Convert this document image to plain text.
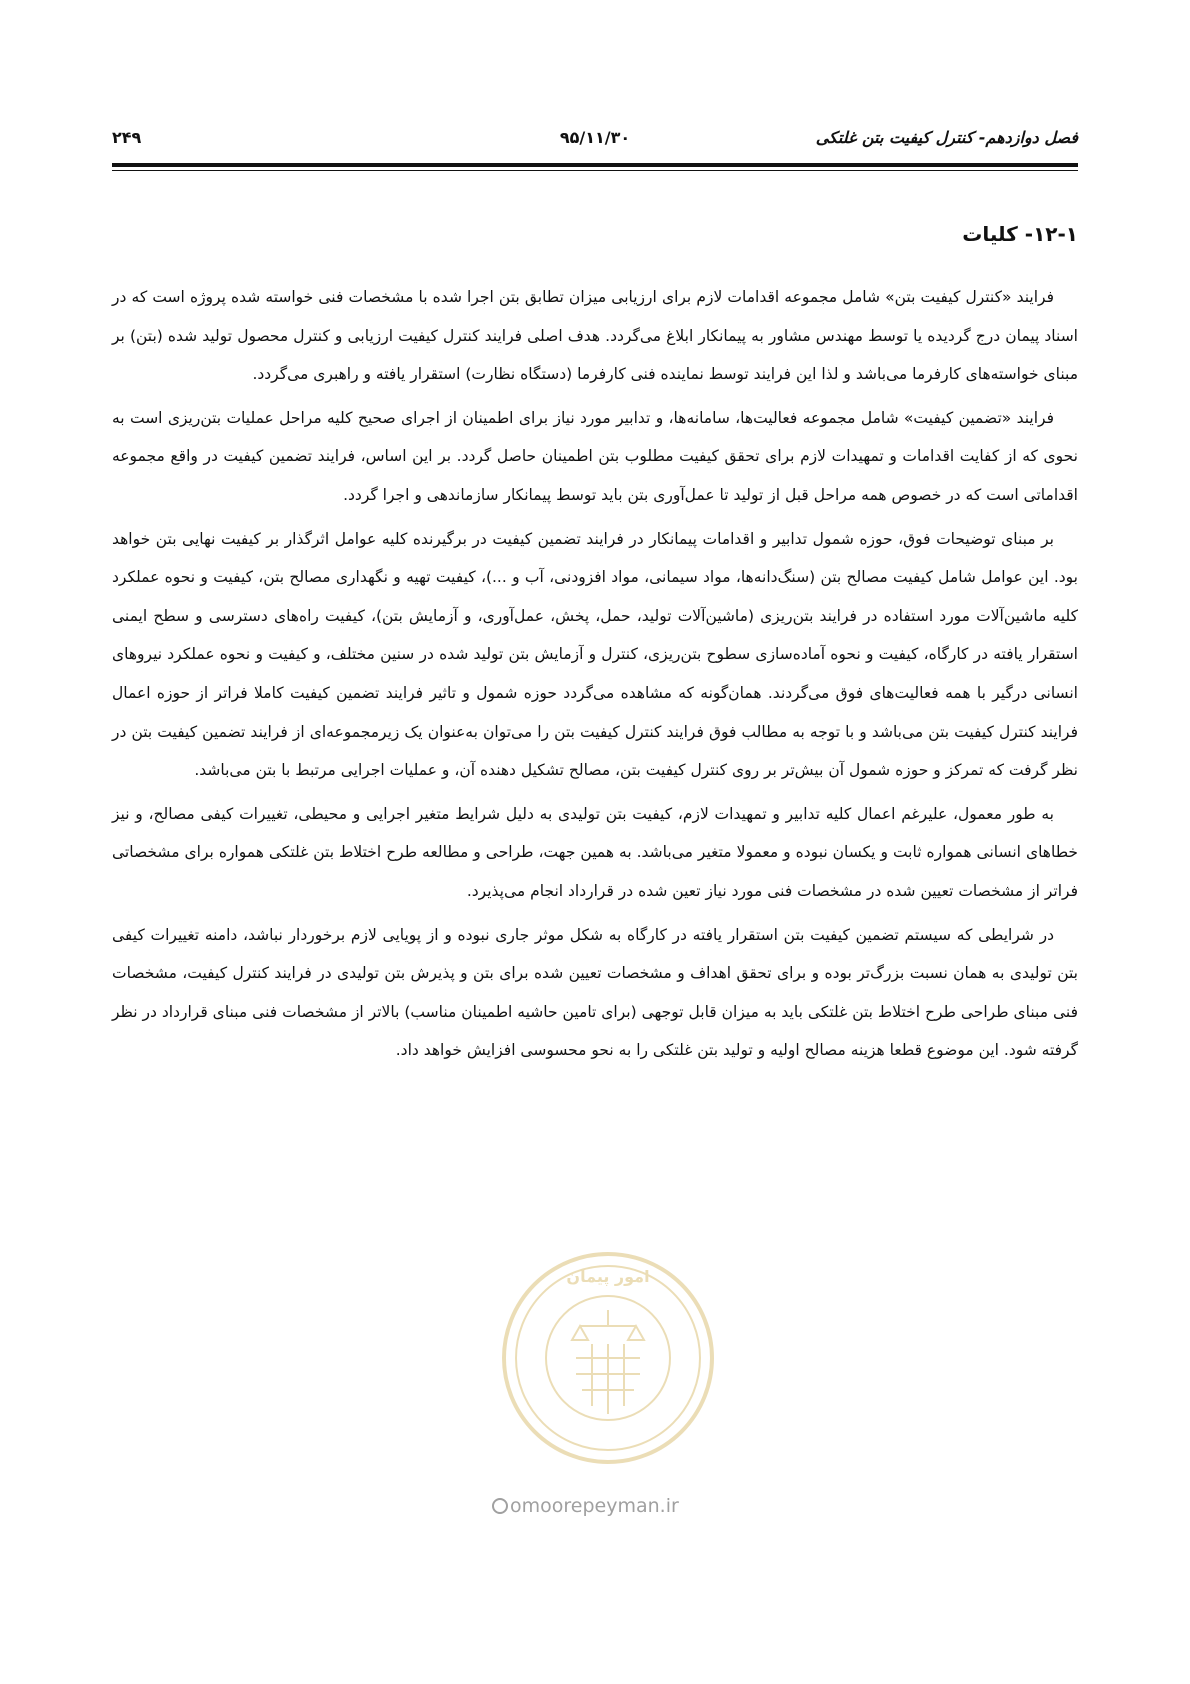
فصل دوازدهم- کنترل کیفیت بتن غلتکی
۹۵/۱۱/۳۰
۲۴۹
۱۲-۱- کلیات

فرایند «کنترل کیفیت بتن» شامل مجموعه اقدامات لازم برای ارزیابی میزان تطابق بتن اجرا شده با مشخصات فنی خواسته شده پروژه است که در اسناد پیمان درج گردیده یا توسط مهندس مشاور به پیمانکار ابلاغ می‌گردد. هدف اصلی فرایند کنترل کیفیت ارزیابی و کنترل محصول تولید شده (بتن) بر مبنای خواسته‌های کارفرما می‌باشد و لذا این فرایند توسط نماینده فنی کارفرما (دستگاه نظارت) استقرار یافته و راهبری می‌گردد.

فرایند «تضمین کیفیت» شامل مجموعه فعالیت‌ها، سامانه‌ها، و تدابیر مورد نیاز برای اطمینان از اجرای صحیح کلیه مراحل عملیات بتن‌ریزی است به نحوی که از کفایت اقدامات و تمهیدات لازم برای تحقق کیفیت مطلوب بتن اطمینان حاصل گردد. بر این اساس، فرایند تضمین کیفیت در واقع مجموعه اقداماتی است که در خصوص همه مراحل قبل از تولید تا عمل‌آوری بتن باید توسط پیمانکار سازماندهی و اجرا گردد.

بر مبنای توضیحات فوق، حوزه شمول تدابیر و اقدامات پیمانکار در فرایند تضمین کیفیت در برگیرنده کلیه عوامل اثرگذار بر کیفیت نهایی بتن خواهد بود. این عوامل شامل کیفیت مصالح بتن (سنگ‌دانه‌ها، مواد سیمانی، مواد افزودنی، آب و ...)، کیفیت تهیه و نگهداری مصالح بتن، کیفیت و نحوه عملکرد کلیه ماشین‌آلات مورد استفاده در فرایند بتن‌ریزی (ماشین‌آلات تولید، حمل، پخش، عمل‌آوری، و آزمایش بتن)، کیفیت راه‌های دسترسی و سطح ایمنی استقرار یافته در کارگاه، کیفیت و نحوه آماده‌سازی سطوح بتن‌ریزی، کنترل و آزمایش بتن تولید شده در سنین مختلف، و کیفیت و نحوه عملکرد نیروهای انسانی درگیر با همه فعالیت‌های فوق می‌گردند. همان‌گونه که مشاهده می‌گردد حوزه شمول و تاثیر فرایند تضمین کیفیت کاملا فراتر از حوزه اعمال فرایند کنترل کیفیت بتن می‌باشد و با توجه به مطالب فوق فرایند کنترل کیفیت بتن را می‌توان به‌عنوان یک زیرمجموعه‌ای از فرایند تضمین کیفیت بتن در نظر گرفت که تمرکز و حوزه شمول آن بیش‌تر بر روی کنترل کیفیت بتن، مصالح تشکیل دهنده آن، و عملیات اجرایی مرتبط با بتن می‌باشد.

به طور معمول، علیرغم اعمال کلیه تدابیر و تمهیدات لازم، کیفیت بتن تولیدی به دلیل شرایط متغیر اجرایی و محیطی، تغییرات کیفی مصالح، و نیز خطاهای انسانی همواره ثابت و یکسان نبوده و معمولا متغیر می‌باشد. به همین جهت، طراحی و مطالعه طرح اختلاط بتن غلتکی همواره برای مشخصاتی فراتر از مشخصات تعیین شده در مشخصات فنی مورد نیاز تعین شده در قرارداد انجام می‌پذیرد.

در شرایطی که سیستم تضمین کیفیت بتن استقرار یافته در کارگاه به شکل موثر جاری نبوده و از پویایی لازم برخوردار نباشد، دامنه تغییرات کیفی بتن تولیدی به همان نسبت بزرگ‌تر بوده و برای تحقق اهداف و مشخصات تعیین شده برای بتن و پذیرش بتن تولیدی در فرایند کنترل کیفیت، مشخصات فنی مبنای طراحی طرح اختلاط بتن غلتکی باید به میزان قابل توجهی (برای تامین حاشیه اطمینان مناسب) بالاتر از مشخصات فنی مبنای قرارداد در نظر گرفته شود. این موضوع قطعا هزینه مصالح اولیه و تولید بتن غلتکی را به نحو محسوسی افزایش خواهد داد.

امور پیمان
omoorepeyman.ir
